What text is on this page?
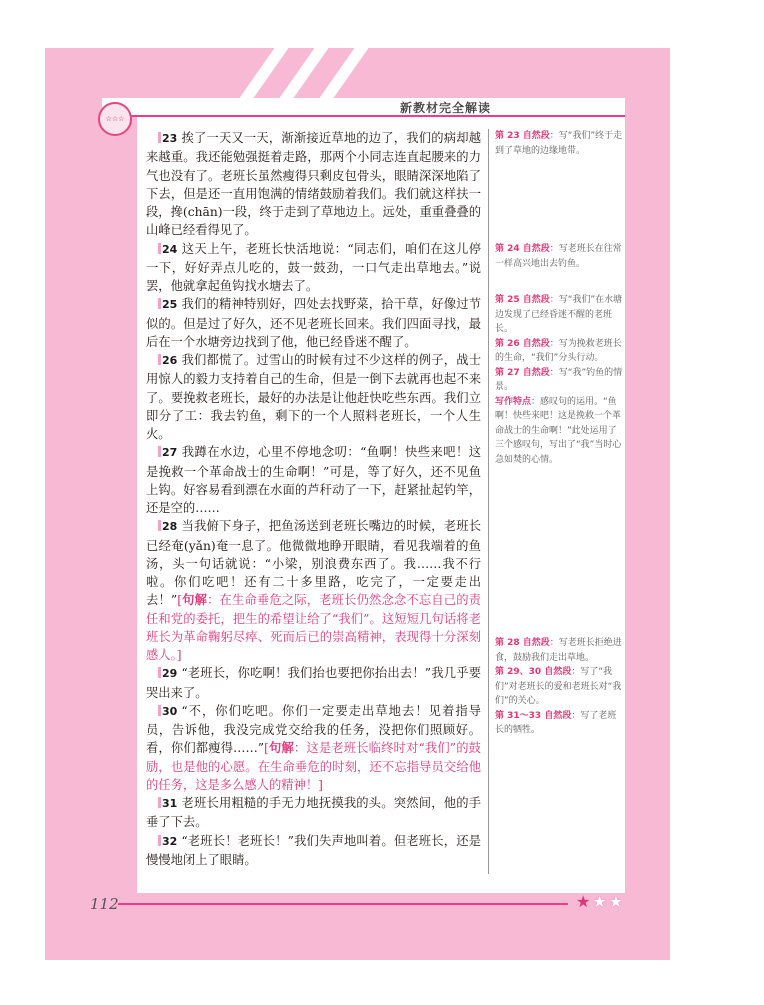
新教材完全解读
☆☆☆

23 挨了一天又一天，渐渐接近草地的边了，我们的病却越来越重。我还能勉强挺着走路，那两个小同志连直起腰来的力气也没有了。老班长虽然瘦得只剩皮包骨头，眼睛深深地陷了下去，但是还一直用饱满的情绪鼓励着我们。我们就这样扶一段，搀(chān)一段，终于走到了草地边上。远处，重重叠叠的山峰已经看得见了。

24 这天上午，老班长快活地说：“同志们，咱们在这儿停一下，好好弄点儿吃的，鼓一鼓劲，一口气走出草地去。”说罢，他就拿起鱼钩找水塘去了。

25 我们的精神特别好，四处去找野菜，拾干草，好像过节似的。但是过了好久，还不见老班长回来。我们四面寻找，最后在一个水塘旁边找到了他，他已经昏迷不醒了。

26 我们都慌了。过雪山的时候有过不少这样的例子，战士用惊人的毅力支持着自己的生命，但是一倒下去就再也起不来了。要挽救老班长，最好的办法是让他赶快吃些东西。我们立即分了工：我去钓鱼，剩下的一个人照料老班长，一个人生火。

27 我蹲在水边，心里不停地念叨：“鱼啊！快些来吧！这是挽救一个革命战士的生命啊！”可是，等了好久，还不见鱼上钩。好容易看到漂在水面的芦秆动了一下，赶紧扯起钓竿，还是空的……

28 当我俯下身子，把鱼汤送到老班长嘴边的时候，老班长已经奄(yǎn)奄一息了。他微微地睁开眼睛，看见我端着的鱼汤，头一句话就说：“小梁，别浪费东西了。我……我不行啦。你们吃吧！还有二十多里路，吃完了，一定要走出去！”[句解：在生命垂危之际，老班长仍然念念不忘自己的责任和党的委托，把生的希望让给了“我们”。这短短几句话将老班长为革命鞠躬尽瘁、死而后已的崇高精神，表现得十分深刻感人。]

29 “老班长，你吃啊！我们抬也要把你抬出去！”我几乎要哭出来了。

30 “不，你们吃吧。你们一定要走出草地去！见着指导员，告诉他，我没完成党交给我的任务，没把你们照顾好。看，你们都瘦得……”[句解：这是老班长临终时对“我们”的鼓励，也是他的心愿。在生命垂危的时刻，还不忘指导员交给他的任务，这是多么感人的精神！]

31 老班长用粗糙的手无力地抚摸我的头。突然间，他的手垂了下去。

32 “老班长！老班长！”我们失声地叫着。但老班长，还是慢慢地闭上了眼睛。

第 23 自然段：写“我们”终于走到了草地的边缘地带。

第 24 自然段：写老班长在往常一样高兴地出去钓鱼。

第 25 自然段：写“我们”在水塘边发现了已经昏迷不醒的老班长。

第 26 自然段：写为挽救老班长的生命，“我们”分头行动。

第 27 自然段：写“我”钓鱼的情景。

写作特点：感叹句的运用。“鱼啊！快些来吧！这是挽救一个革命战士的生命啊！”此处运用了三个感叹句，写出了“我”当时心急如焚的心情。

第 28 自然段：写老班长拒绝进食，鼓励我们走出草地。

第 29、30 自然段：写了“我们”对老班长的爱和老班长对“我们”的关心。

第 31～33 自然段：写了老班长的牺牲。

112	★★★
